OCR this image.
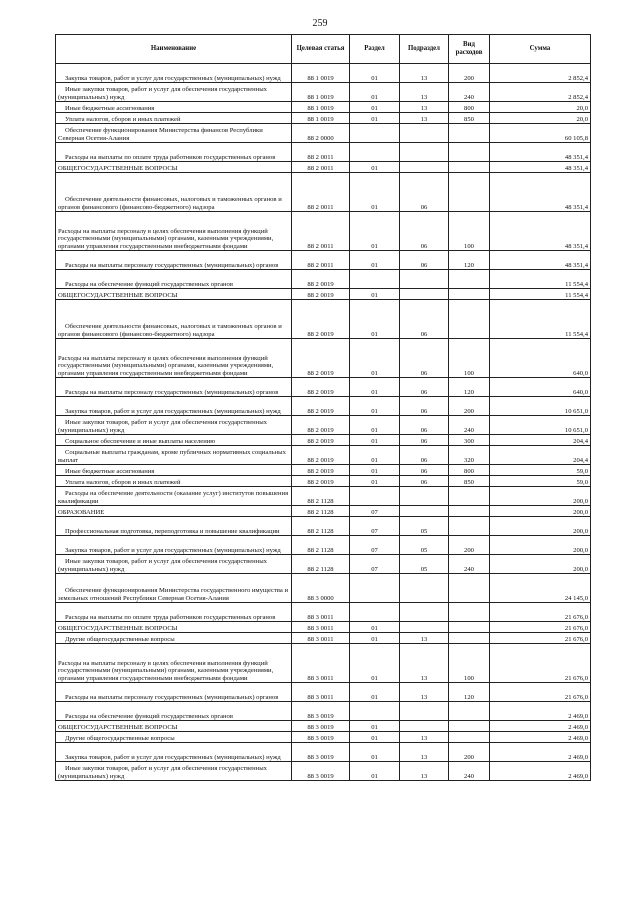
259
Наименование	Целевая статья	Раздел	Подраздел	Вид расходов	Сумма

Закупка товаров, работ и услуг для государственных (муниципальных) нужд	88 1 0019	01	13	200	2 852,4

Иные закупки товаров, работ и услуг для обеспечения государственных (муниципальных) нужд	88 1 0019	01	13	240	2 852,4

Иные бюджетные ассигнования	88 1 0019	01	13	800	20,0

Уплата налогов, сборов и иных платежей	88 1 0019	01	13	850	20,0

Обеспечение функционирования Министерства финансов Республики Северная Осетия-Алания	88 2 0000				60 105,8

Расходы на выплаты по оплате труда работников государственных органов	88 2 0011				48 351,4

ОБЩЕГОСУДАРСТВЕННЫЕ ВОПРОСЫ	88 2 0011	01			48 351,4

Обеспечение деятельности финансовых, налоговых и таможенных органов и органов финансового (финансово-бюджетного) надзора	88 2 0011	01	06		48 351,4

Расходы на выплаты персоналу в целях обеспечения выполнения функций государственными (муниципальными) органами, казенными учреждениями, органами управления государственными внебюджетными фондами	88 2 0011	01	06	100	48 351,4

Расходы на выплаты персоналу государственных (муниципальных) органов	88 2 0011	01	06	120	48 351,4

Расходы на обеспечение функций государственных органов	88 2 0019				11 554,4

ОБЩЕГОСУДАРСТВЕННЫЕ ВОПРОСЫ	88 2 0019	01			11 554,4

Обеспечение деятельности финансовых, налоговых и таможенных органов и органов финансового (финансово-бюджетного) надзора	88 2 0019	01	06		11 554,4

Расходы на выплаты персоналу в целях обеспечения выполнения функций государственными (муниципальными) органами, казенными учреждениями, органами управления государственными внебюджетными фондами	88 2 0019	01	06	100	640,0

Расходы на выплаты персоналу государственных (муниципальных) органов	88 2 0019	01	06	120	640,0

Закупка товаров, работ и услуг для государственных (муниципальных) нужд	88 2 0019	01	06	200	10 651,0

Иные закупки товаров, работ и услуг для обеспечения государственных (муниципальных) нужд	88 2 0019	01	06	240	10 651,0

Социальное обеспечение и иные выплаты населению	88 2 0019	01	06	300	204,4

Социальные выплаты гражданам, кроме публичных нормативных социальных выплат	88 2 0019	01	06	320	204,4

Иные бюджетные ассигнования	88 2 0019	01	06	800	59,0

Уплата налогов, сборов и иных платежей	88 2 0019	01	06	850	59,0

Расходы на обеспечение деятельности (оказание услуг) институтов повышения квалификации	88 2 1128				200,0

ОБРАЗОВАНИЕ	88 2 1128	07			200,0

Профессиональная подготовка, переподготовка и повышение квалификации	88 2 1128	07	05		200,0

Закупка товаров, работ и услуг для государственных (муниципальных) нужд	88 2 1128	07	05	200	200,0

Иные закупки товаров, работ и услуг для обеспечения государственных (муниципальных) нужд	88 2 1128	07	05	240	200,0

Обеспечение функционирования Министерства государственного имущества и земельных отношений Республики Северная Осетия-Алания	88 3 0000				24 145,0

Расходы на выплаты по оплате труда работников государственных органов	88 3 0011				21 676,0

ОБЩЕГОСУДАРСТВЕННЫЕ ВОПРОСЫ	88 3 0011	01			21 676,0

Другие общегосударственные вопросы	88 3 0011	01	13		21 676,0

Расходы на выплаты персоналу в целях обеспечения выполнения функций государственными (муниципальными) органами, казенными учреждениями, органами управления государственными внебюджетными фондами	88 3 0011	01	13	100	21 676,0

Расходы на выплаты персоналу государственных (муниципальных) органов	88 3 0011	01	13	120	21 676,0

Расходы на обеспечение функций государственных органов	88 3 0019				2 469,0

ОБЩЕГОСУДАРСТВЕННЫЕ ВОПРОСЫ	88 3 0019	01			2 469,0

Другие общегосударственные вопросы	88 3 0019	01	13		2 469,0

Закупка товаров, работ и услуг для государственных (муниципальных) нужд	88 3 0019	01	13	200	2 469,0

Иные закупки товаров, работ и услуг для обеспечения государственных (муниципальных) нужд	88 3 0019	01	13	240	2 469,0
